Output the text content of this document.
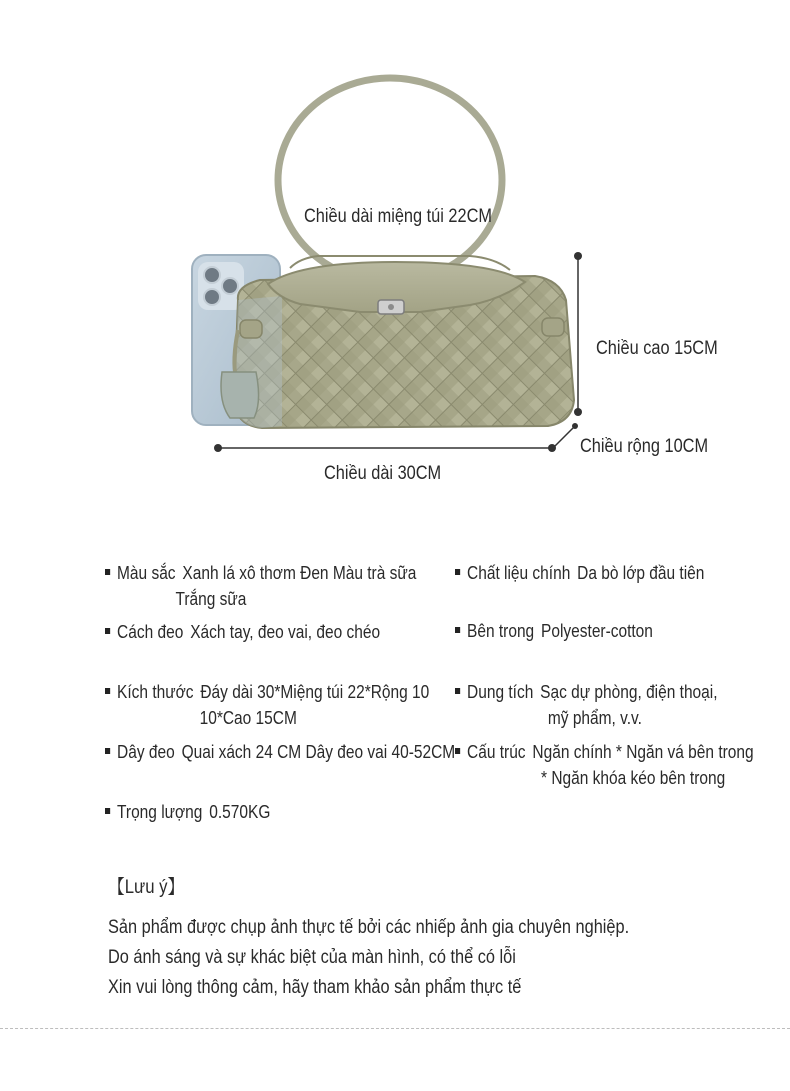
Chiều dài miệng túi 22CM
Chiều cao 15CM
Chiều rộng 10CM
Chiều dài 30CM
Màu sắc Xanh lá xô thơm Đen Màu trà sữa
Trắng sữa
Chất liệu chính Da bò lớp đầu tiên
Cách đeo Xách tay, đeo vai, đeo chéo	Bên trong Polyester-cotton
Kích thước Đáy dài 30*Miệng túi 22*Rộng 10
10*Cao 15CM
Dung tích Sạc dự phòng, điện thoại,
mỹ phẩm, v.v.
Dây đeo Quai xách 24 CM Dây đeo vai 40-52CM Cấu trúc Ngăn chính * Ngăn vá bên trong
* Ngăn khóa kéo bên trong
Trọng lượng 0.570KG
【Lưu ý】
Sản phẩm được chụp ảnh thực tế bởi các nhiếp ảnh gia chuyên nghiệp.
Do ánh sáng và sự khác biệt của màn hình, có thể có lỗi
Xin vui lòng thông cảm, hãy tham khảo sản phẩm thực tế
